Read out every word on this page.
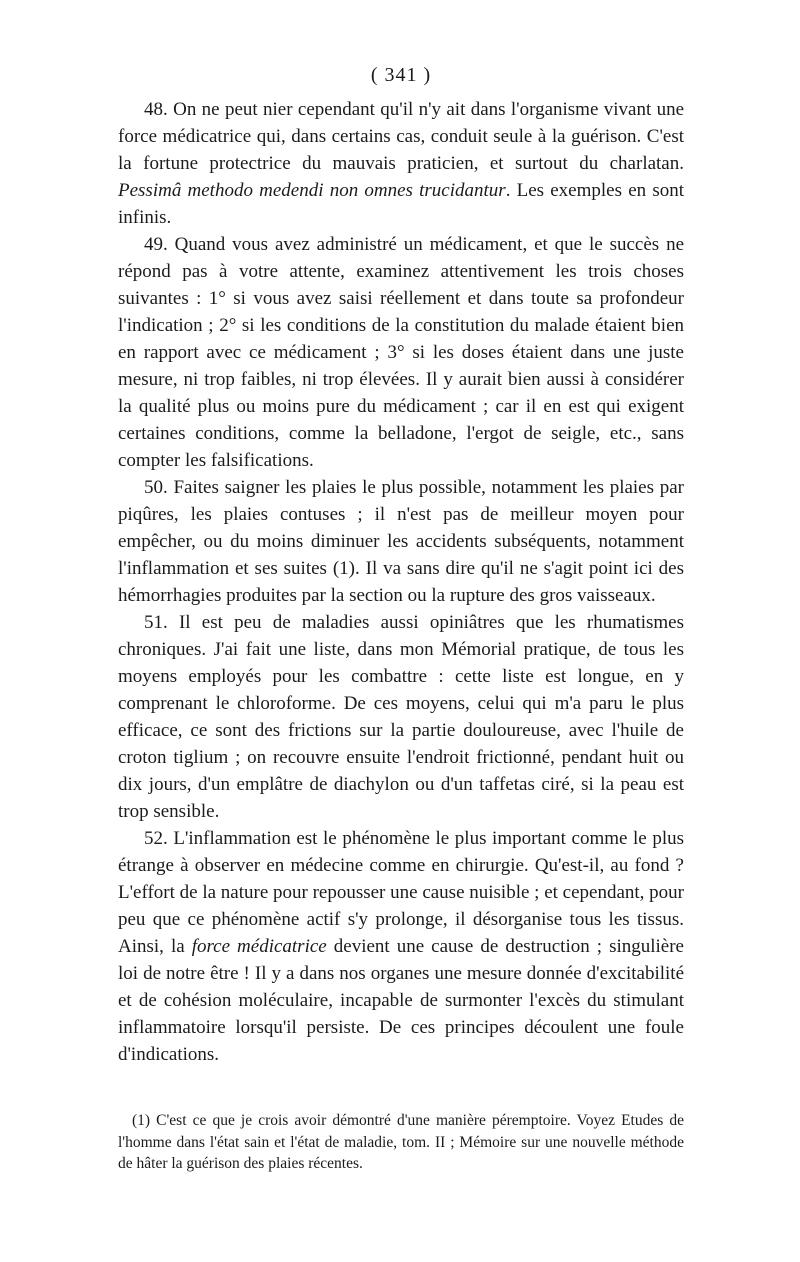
( 341 )

48. On ne peut nier cependant qu'il n'y ait dans l'organisme vivant une force médicatrice qui, dans certains cas, conduit seule à la guérison. C'est la fortune protectrice du mauvais praticien, et surtout du charlatan. Pessimâ methodo medendi non omnes trucidantur. Les exemples en sont infinis.

49. Quand vous avez administré un médicament, et que le succès ne répond pas à votre attente, examinez attentivement les trois choses suivantes : 1° si vous avez saisi réellement et dans toute sa profondeur l'indication ; 2° si les conditions de la constitution du malade étaient bien en rapport avec ce médicament ; 3° si les doses étaient dans une juste mesure, ni trop faibles, ni trop élevées. Il y aurait bien aussi à considérer la qualité plus ou moins pure du médicament ; car il en est qui exigent certaines conditions, comme la belladone, l'ergot de seigle, etc., sans compter les falsifications.

50. Faites saigner les plaies le plus possible, notamment les plaies par piqûres, les plaies contuses ; il n'est pas de meilleur moyen pour empêcher, ou du moins diminuer les accidents subséquents, notamment l'inflammation et ses suites (1). Il va sans dire qu'il ne s'agit point ici des hémorrhagies produites par la section ou la rupture des gros vaisseaux.

51. Il est peu de maladies aussi opiniâtres que les rhumatismes chroniques. J'ai fait une liste, dans mon Mémorial pratique, de tous les moyens employés pour les combattre : cette liste est longue, en y comprenant le chloroforme. De ces moyens, celui qui m'a paru le plus efficace, ce sont des frictions sur la partie douloureuse, avec l'huile de croton tiglium ; on recouvre ensuite l'endroit frictionné, pendant huit ou dix jours, d'un emplâtre de diachylon ou d'un taffetas ciré, si la peau est trop sensible.

52. L'inflammation est le phénomène le plus important comme le plus étrange à observer en médecine comme en chirurgie. Qu'est-il, au fond ? L'effort de la nature pour repousser une cause nuisible ; et cependant, pour peu que ce phénomène actif s'y prolonge, il désorganise tous les tissus. Ainsi, la force médicatrice devient une cause de destruction ; singulière loi de notre être ! Il y a dans nos organes une mesure donnée d'excitabilité et de cohésion moléculaire, incapable de surmonter l'excès du stimulant inflammatoire lorsqu'il persiste. De ces principes découlent une foule d'indications.

(1) C'est ce que je crois avoir démontré d'une manière péremptoire. Voyez Etudes de l'homme dans l'état sain et l'état de maladie, tom. II ; Mémoire sur une nouvelle méthode de hâter la guérison des plaies récentes.
